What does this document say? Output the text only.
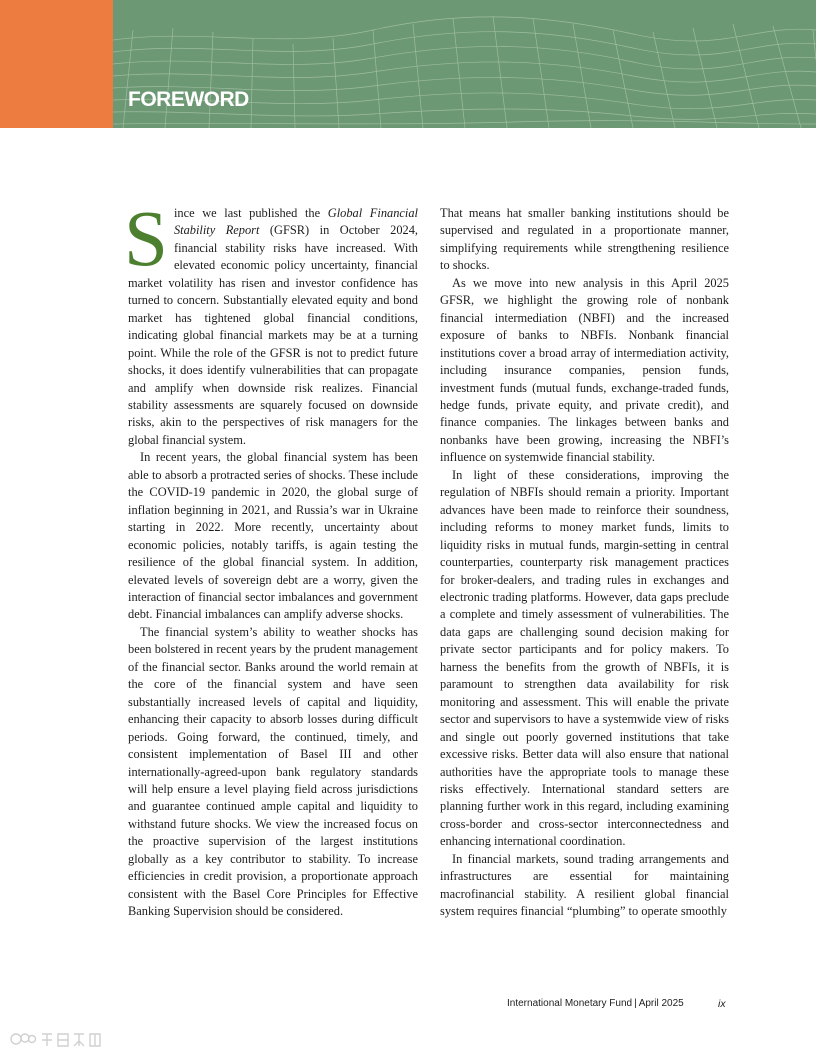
FOREWORD

Since we last published the Global Financial Stability Report (GFSR) in October 2024, financial stability risks have increased. With elevated economic policy uncertainty, financial market volatility has risen and investor confidence has turned to concern. Substantially elevated equity and bond market has tightened global financial conditions, indicating global financial markets may be at a turning point. While the role of the GFSR is not to predict future shocks, it does identify vulnerabilities that can propagate and amplify when downside risk realizes. Financial stability assessments are squarely focused on downside risks, akin to the perspectives of risk managers for the global financial system.

In recent years, the global financial system has been able to absorb a protracted series of shocks. These include the COVID-19 pandemic in 2020, the global surge of inflation beginning in 2021, and Russia’s war in Ukraine starting in 2022. More recently, uncertainty about economic policies, notably tariffs, is again testing the resilience of the global financial system. In addition, elevated levels of sovereign debt are a worry, given the interaction of financial sector imbalances and government debt. Financial imbalances can amplify adverse shocks.

The financial system’s ability to weather shocks has been bolstered in recent years by the prudent management of the financial sector. Banks around the world remain at the core of the financial system and have seen substantially increased levels of capital and liquidity, enhancing their capacity to absorb losses during difficult periods. Going forward, the continued, timely, and consistent implementation of Basel III and other internationally-agreed-upon bank regulatory standards will help ensure a level playing field across jurisdictions and guarantee continued ample capital and liquidity to withstand future shocks. We view the increased focus on the proactive supervision of the largest institutions globally as a key contributor to stability. To increase efficiencies in credit provision, a proportionate approach consistent with the Basel Core Principles for Effective Banking Supervision should be considered.

That means hat smaller banking institutions should be supervised and regulated in a proportionate manner, simplifying requirements while strengthening resilience to shocks.

As we move into new analysis in this April 2025 GFSR, we highlight the growing role of nonbank financial intermediation (NBFI) and the increased exposure of banks to NBFIs. Nonbank financial institutions cover a broad array of intermediation activity, including insurance companies, pension funds, investment funds (mutual funds, exchange-traded funds, hedge funds, private equity, and private credit), and finance companies. The linkages between banks and nonbanks have been growing, increasing the NBFI’s influence on systemwide financial stability.

In light of these considerations, improving the regulation of NBFIs should remain a priority. Important advances have been made to reinforce their soundness, including reforms to money market funds, limits to liquidity risks in mutual funds, margin-setting in central counterparties, counterparty risk management practices for broker-dealers, and trading rules in exchanges and electronic trading platforms. However, data gaps preclude a complete and timely assessment of vulnerabilities. The data gaps are challenging sound decision making for private sector participants and for policy makers. To harness the benefits from the growth of NBFIs, it is paramount to strengthen data availability for risk monitoring and assessment. This will enable the private sector and supervisors to have a systemwide view of risks and single out poorly governed institutions that take excessive risks. Better data will also ensure that national authorities have the appropriate tools to manage these risks effectively. International standard setters are planning further work in this regard, including examining cross-border and cross-sector interconnectedness and enhancing international coordination.

In financial markets, sound trading arrangements and infrastructures are essential for maintaining macrofinancial stability. A resilient global financial system requires financial “plumbing” to operate smoothly

International Monetary Fund | April 2025	ix
